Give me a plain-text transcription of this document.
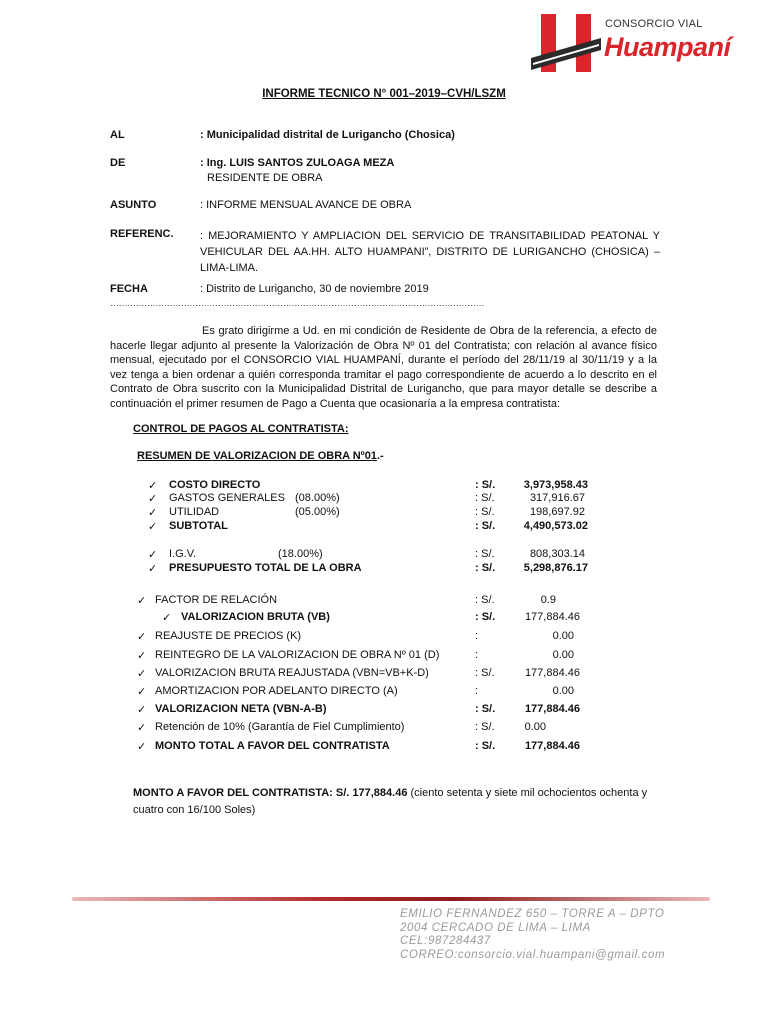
CONSORCIO VIAL
Huampaní
INFORME TECNICO N° 001–2019–CVH/LSZM
AL	: Municipalidad distrital de Lurigancho (Chosica)
DE	: Ing. LUIS SANTOS ZULOAGA MEZA
RESIDENTE DE OBRA
ASUNTO	: INFORME MENSUAL AVANCE DE OBRA
REFERENC. : MEJORAMIENTO Y AMPLIACION DEL SERVICIO DE TRANSITABILIDAD PEATONAL Y VEHICULAR DEL AA.HH. ALTO HUAMPANI”, DISTRITO DE LURIGANCHO (CHOSICA) – LIMA-LIMA.
FECHA	: Distrito de Lurigancho, 30 de noviembre 2019
……………………………………………………………………………………………………………………
Es grato dirigirme a Ud. en mi condición de Residente de Obra de la referencia, a efecto de hacerle llegar adjunto al presente la Valorización de Obra Nº 01 del Contratista; con relación al avance físico mensual, ejecutado por el CONSORCIO VIAL HUAMPANÍ, durante el período del 28/11/19 al 30/11/19 y a la vez tenga a bien ordenar a quién corresponda tramitar el pago correspondiente de acuerdo a lo descrito en el Contrato de Obra suscrito con la Municipalidad Distrital de Lurigancho, que para mayor detalle se describe a continuación el primer resumen de Pago a Cuenta que ocasionaría a la empresa contratista:
CONTROL DE PAGOS AL CONTRATISTA:
RESUMEN DE VALORIZACION DE OBRA Nº01.-
✓ COSTO DIRECTO	: S/.	3,973,958.43
✓ GASTOS GENERALES (08.00%)	: S/.	317,916.67
✓ UTILIDAD	(05.00%)	: S/.	198,697.92
✓ SUBTOTAL	: S/.	4,490,573.02
✓ I.G.V.	(18.00%)	: S/.	808,303.14
✓ PRESUPUESTO TOTAL DE LA OBRA	: S/.	5,298,876.17
✓ FACTOR DE RELACIÓN	: S/.	0.9
✓ VALORIZACION BRUTA (VB)	: S/.	177,884.46
✓ REAJUSTE DE PRECIOS (K)	:	0.00
✓ REINTEGRO DE LA VALORIZACION DE OBRA Nº 01 (D)	:	0.00
✓ VALORIZACION BRUTA REAJUSTADA (VBN=VB+K-D)	: S/.	177,884.46
✓ AMORTIZACION POR ADELANTO DIRECTO (A)	:	0.00
✓ VALORIZACION NETA (VBN-A-B)	: S/.	177,884.46
✓ Retención de 10% (Garantía de Fiel Cumplimiento)	: S/.	0.00
✓ MONTO TOTAL A FAVOR DEL CONTRATISTA	: S/.	177,884.46
MONTO A FAVOR DEL CONTRATISTA: S/. 177,884.46 (ciento setenta y siete mil ochocientos ochenta y cuatro con 16/100 Soles)
EMILIO FERNANDEZ 650 – TORRE A – DPTO
2004 CERCADO DE LIMA – LIMA
CEL:987284437
CORREO:consorcio.vial.huampani@gmail.com
